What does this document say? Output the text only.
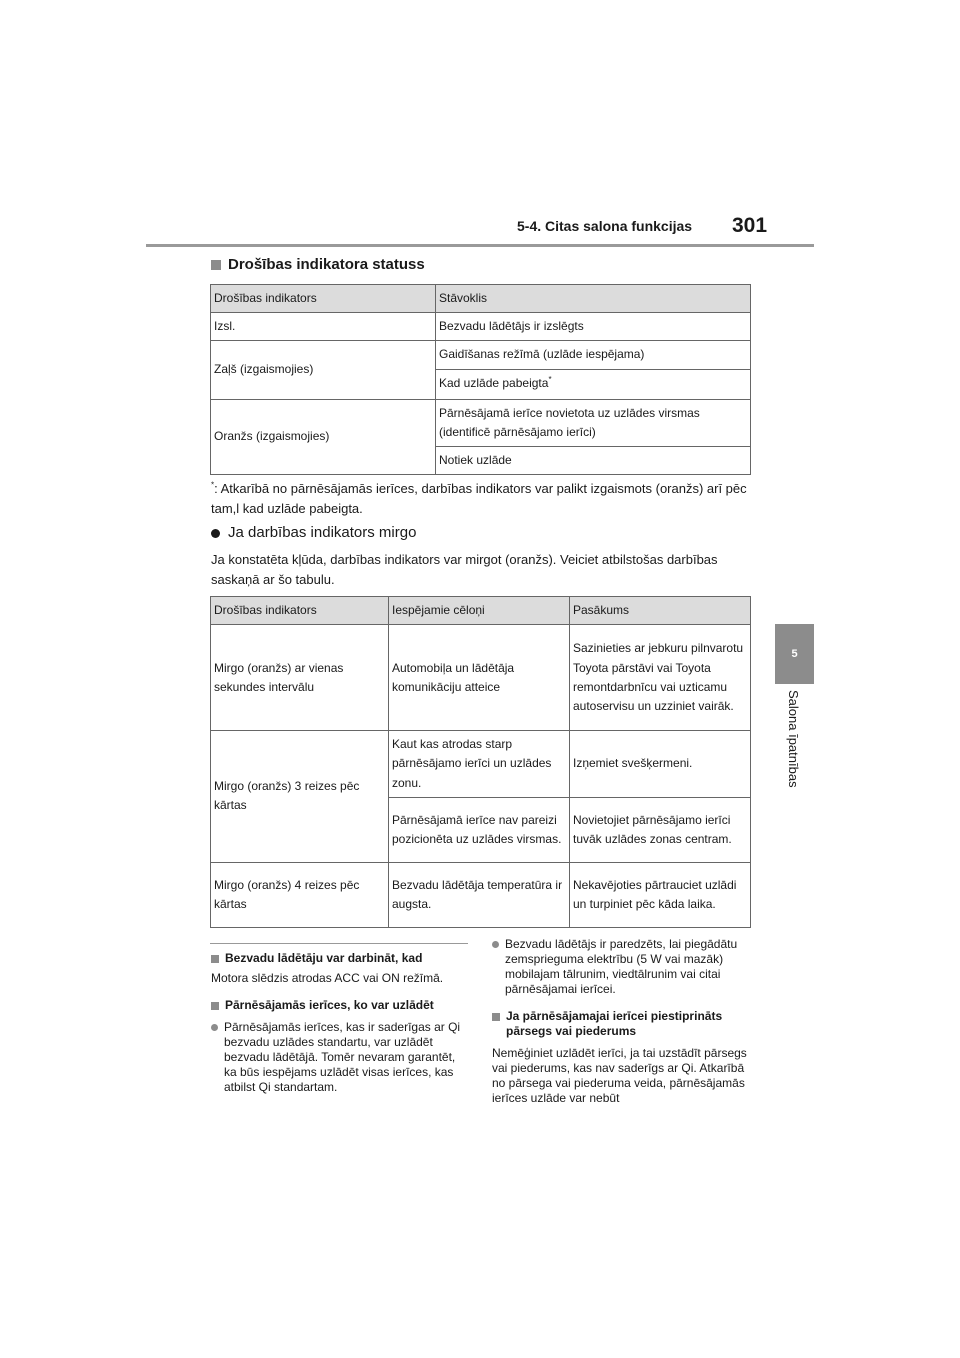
5-4. Citas salona funkcijas 301
5
Salona īpatnības
Drošības indikatora statuss
Drošības indikators	Stāvoklis
Izsl.	Bezvadu lādētājs ir izslēgts
Zaļš (izgaismojies)	Gaidīšanas režīmā (uzlāde iespējama)
	Kad uzlāde pabeigta*
Oranžs (izgaismojies)	Pārnēsājamā ierīce novietota uz uzlādes virsmas (identificē pārnēsājamo ierīci)
	Notiek uzlāde
*: Atkarībā no pārnēsājamās ierīces, darbības indikators var palikt izgaismots (oranžs) arī pēc tam,l kad uzlāde pabeigta.
Ja darbības indikators mirgo
Ja konstatēta kļūda, darbības indikators var mirgot (oranžs). Veiciet atbilstošas darbības saskaņā ar šo tabulu.
Drošības indikators	Iespējamie cēloņi	Pasākums
Mirgo (oranžs) ar vienas sekundes intervālu	Automobiļa un lādētāja komunikāciju atteice	Sazinieties ar jebkuru pilnvarotu Toyota pārstāvi vai Toyota remontdarbnīcu vai uzticamu autoservisu un uzziniet vairāk.
Mirgo (oranžs) 3 reizes pēc kārtas	Kaut kas atrodas starp pārnēsājamo ierīci un uzlādes zonu.	Izņemiet svešķermeni.
	Pārnēsājamā ierīce nav pareizi pozicionēta uz uzlādes virsmas.	Novietojiet pārnēsājamo ierīci tuvāk uzlādes zonas centram.
Mirgo (oranžs) 4 reizes pēc kārtas	Bezvadu lādētāja temperatūra ir augsta.	Nekavējoties pārtrauciet uzlādi un turpiniet pēc kāda laika.

Bezvadu lādētāju var darbināt, kad

Motora slēdzis atrodas ACC vai ON režīmā.

Pārnēsājamās ierīces, ko var uzlādēt

Pārnēsājamās ierīces, kas ir saderīgas ar Qi bezvadu uzlādes standartu, var uzlādēt bezvadu lādētājā. Tomēr nevaram garantēt, ka būs iespējams uzlādēt visas ierīces, kas atbilst Qi standartam.

Bezvadu lādētājs ir paredzēts, lai piegādātu zemsprieguma elektrību (5 W vai mazāk) mobilajam tālrunim, viedtālrunim vai citai pārnēsājamai ierīcei.

Ja pārnēsājamajai ierīcei piestiprināts pārsegs vai piederums

Nemēģiniet uzlādēt ierīci, ja tai uzstādīt pārsegs vai piederums, kas nav saderīgs ar Qi. Atkarībā no pārsega vai piederuma veida, pārnēsājamās ierīces uzlāde var nebūt
